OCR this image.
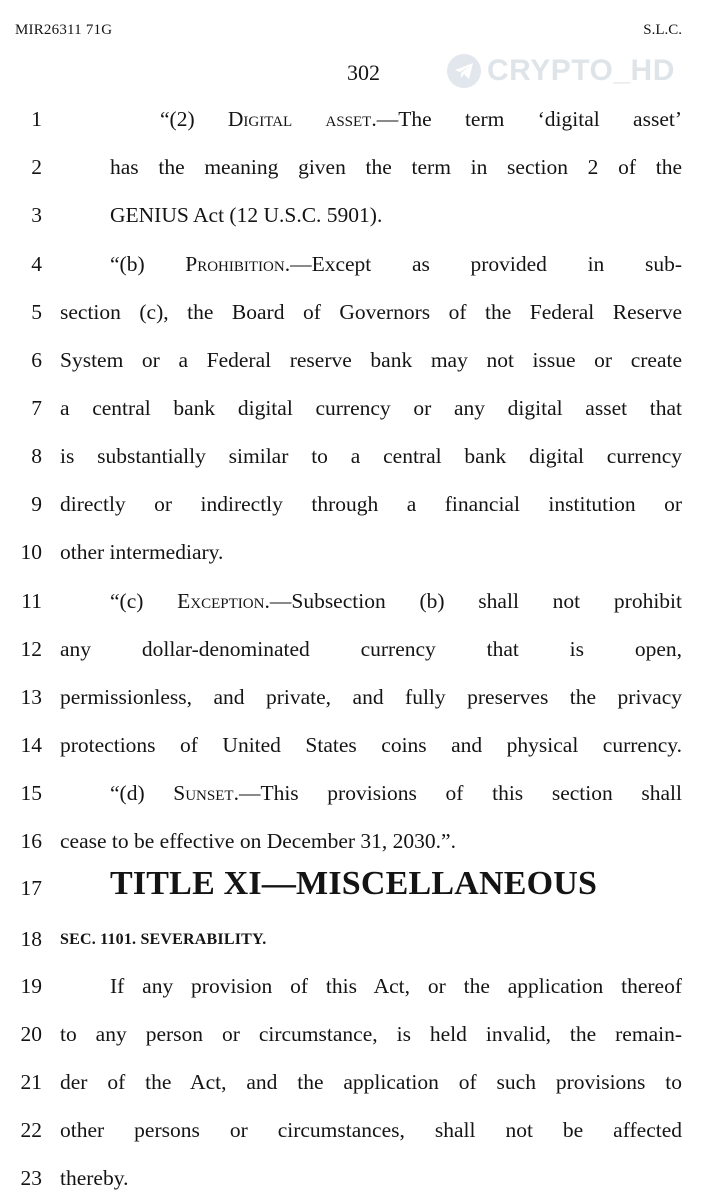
MIR26311 71G	S.L.C.
302	CRYPTO_HD
1	“(2) Digital asset.—The term ‘digital asset’
2	has the meaning given the term in section 2 of the
3	GENIUS Act (12 U.S.C. 5901).
4	“(b) Prohibition.—Except as provided in sub-
5 section (c), the Board of Governors of the Federal Reserve
6 System or a Federal reserve bank may not issue or create
7 a central bank digital currency or any digital asset that
8 is substantially similar to a central bank digital currency
9 directly or indirectly through a financial institution or
10 other intermediary.
11	“(c) Exception.—Subsection (b) shall not prohibit
12 any dollar-denominated currency that is open,
13 permissionless, and private, and fully preserves the privacy
14 protections of United States coins and physical currency.
15	“(d) Sunset.—This provisions of this section shall
16 cease to be effective on December 31, 2030.”.
17 TITLE XI—MISCELLANEOUS
18 SEC. 1101. SEVERABILITY.
19	If any provision of this Act, or the application thereof
20 to any person or circumstance, is held invalid, the remain-
21 der of the Act, and the application of such provisions to
22 other persons or circumstances, shall not be affected
23 thereby.
